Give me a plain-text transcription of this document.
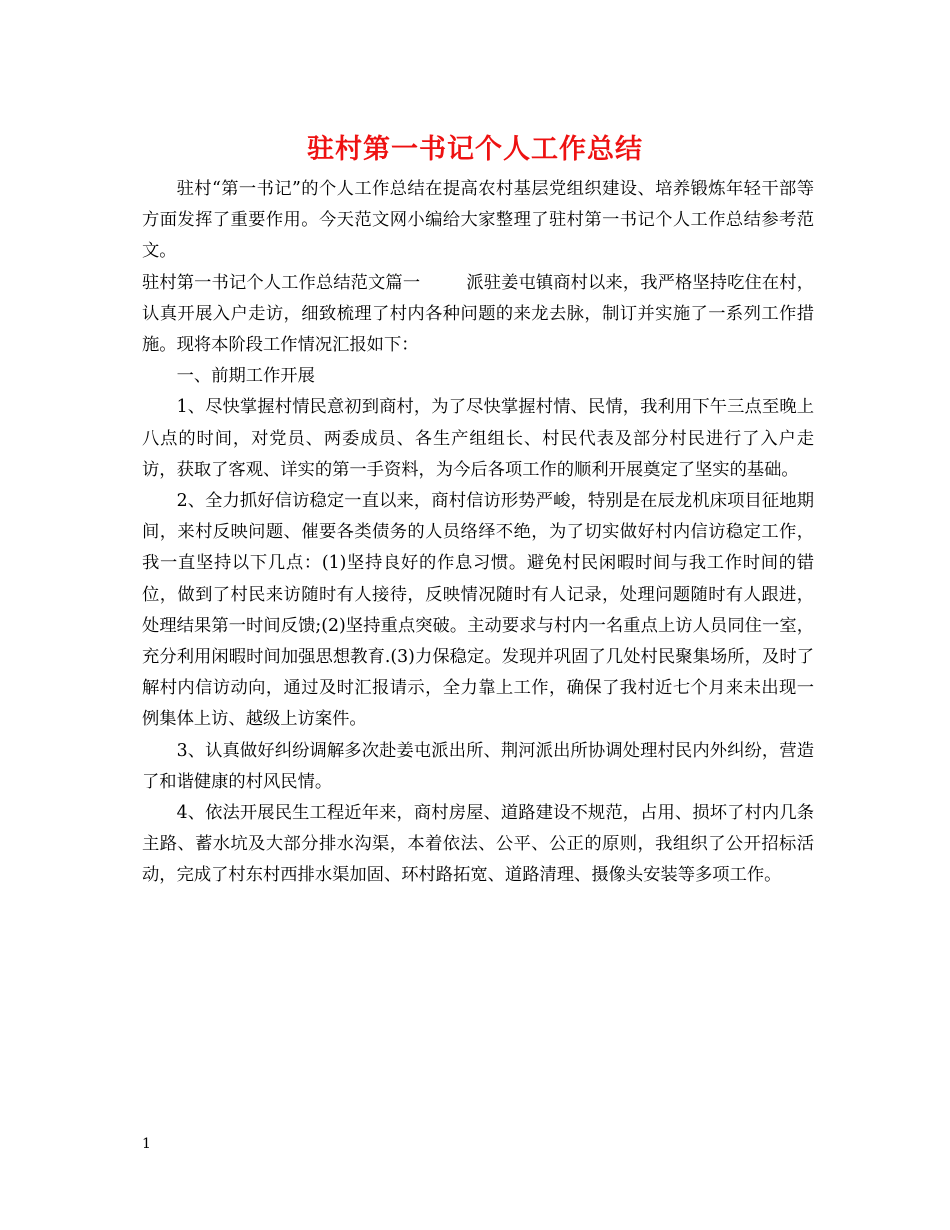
驻村第一书记个人工作总结

驻村“第一书记”的个人工作总结在提高农村基层党组织建设、培养锻炼年轻干部等方面发挥了重要作用。今天范文网小编给大家整理了驻村第一书记个人工作总结参考范文。

驻村第一书记个人工作总结范文篇一	派驻姜屯镇商村以来，我严格坚持吃住在村，认真开展入户走访，细致梳理了村内各种问题的来龙去脉，制订并实施了一系列工作措施。现将本阶段工作情况汇报如下：

一、前期工作开展

1、尽快掌握村情民意初到商村，为了尽快掌握村情、民情，我利用下午三点至晚上八点的时间，对党员、两委成员、各生产组组长、村民代表及部分村民进行了入户走访，获取了客观、详实的第一手资料，为今后各项工作的顺利开展奠定了坚实的基础。

2、全力抓好信访稳定一直以来，商村信访形势严峻，特别是在辰龙机床项目征地期间，来村反映问题、催要各类债务的人员络绎不绝，为了切实做好村内信访稳定工作，我一直坚持以下几点：(1)坚持良好的作息习惯。避免村民闲暇时间与我工作时间的错位，做到了村民来访随时有人接待，反映情况随时有人记录，处理问题随时有人跟进，处理结果第一时间反馈;(2)坚持重点突破。主动要求与村内一名重点上访人员同住一室，充分利用闲暇时间加强思想教育.(3)力保稳定。发现并巩固了几处村民聚集场所，及时了解村内信访动向，通过及时汇报请示，全力靠上工作，确保了我村近七个月来未出现一例集体上访、越级上访案件。

3、认真做好纠纷调解多次赴姜屯派出所、荆河派出所协调处理村民内外纠纷，营造了和谐健康的村风民情。

4、依法开展民生工程近年来，商村房屋、道路建设不规范，占用、损坏了村内几条主路、蓄水坑及大部分排水沟渠，本着依法、公平、公正的原则，我组织了公开招标活动，完成了村东村西排水渠加固、环村路拓宽、道路清理、摄像头安装等多项工作。

1
